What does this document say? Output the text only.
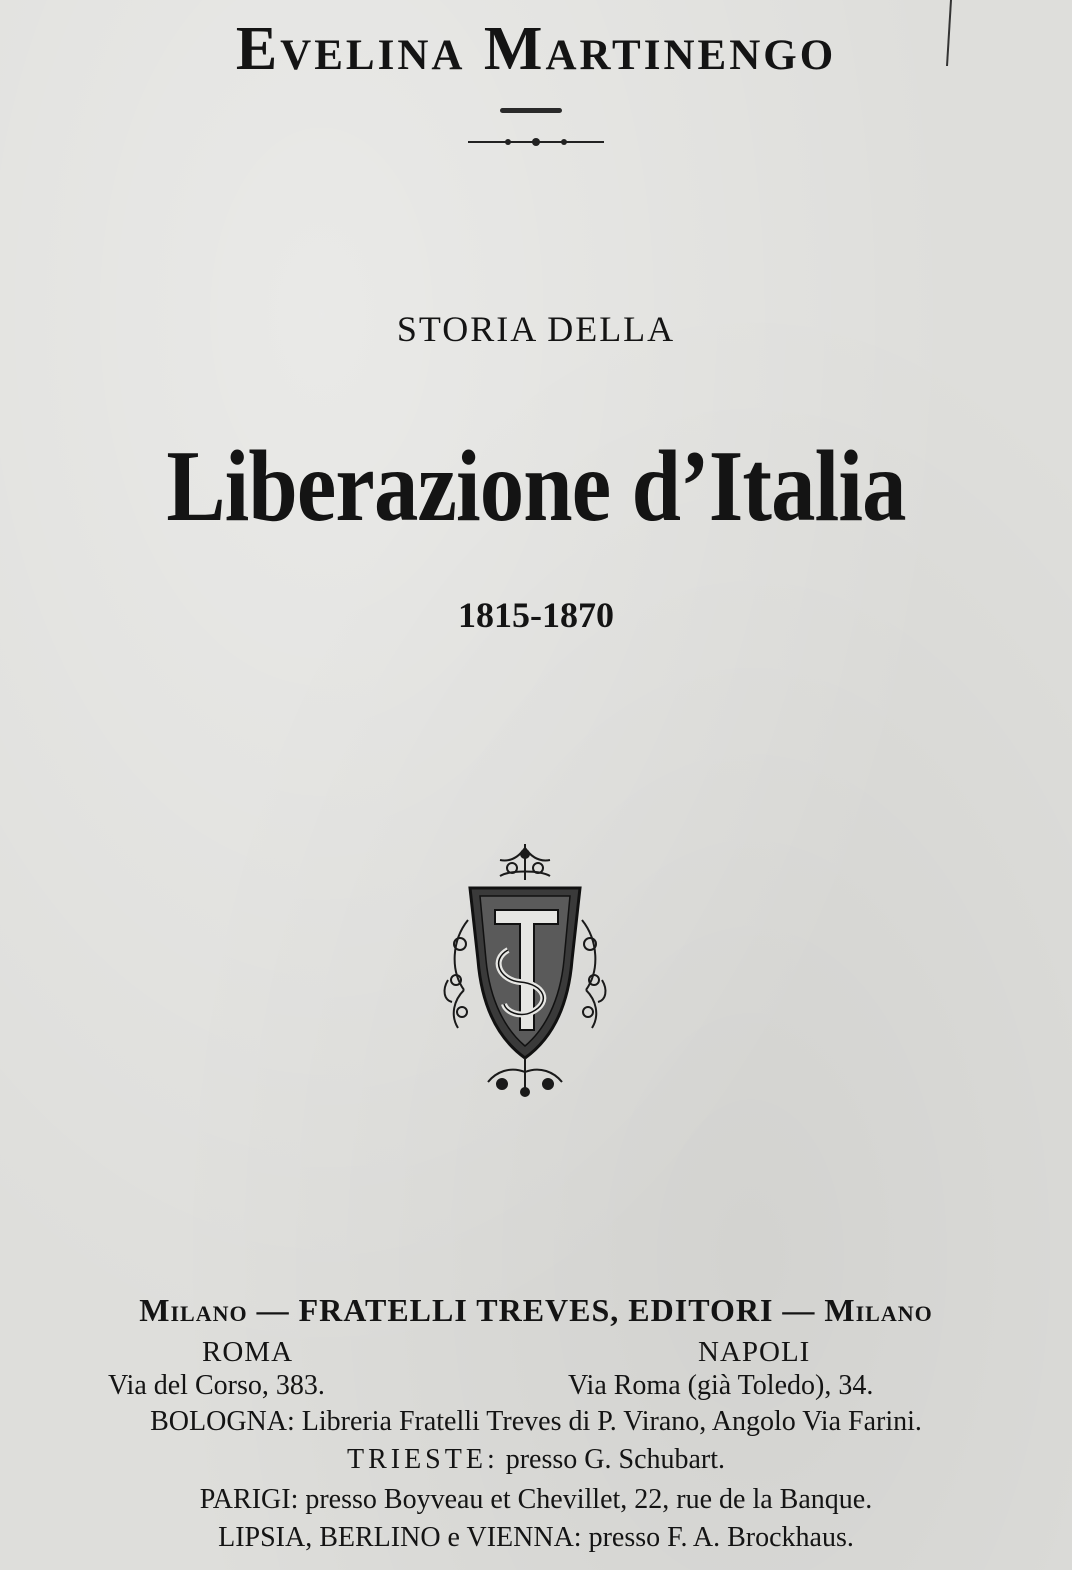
Evelina Martinengo
STORIA DELLA
Liberazione d’Italia
1815-1870
Milano — FRATELLI TREVES, EDITORI — Milano
ROMA
Via del Corso, 383.
NAPOLI
Via Roma (già Toledo), 34.
BOLOGNA: Libreria Fratelli Treves di P. Virano, Angolo Via Farini.
TRIESTE: presso G. Schubart.
PARIGI: presso Boyveau et Chevillet, 22, rue de la Banque.
LIPSIA, BERLINO e VIENNA: presso F. A. Brockhaus.
